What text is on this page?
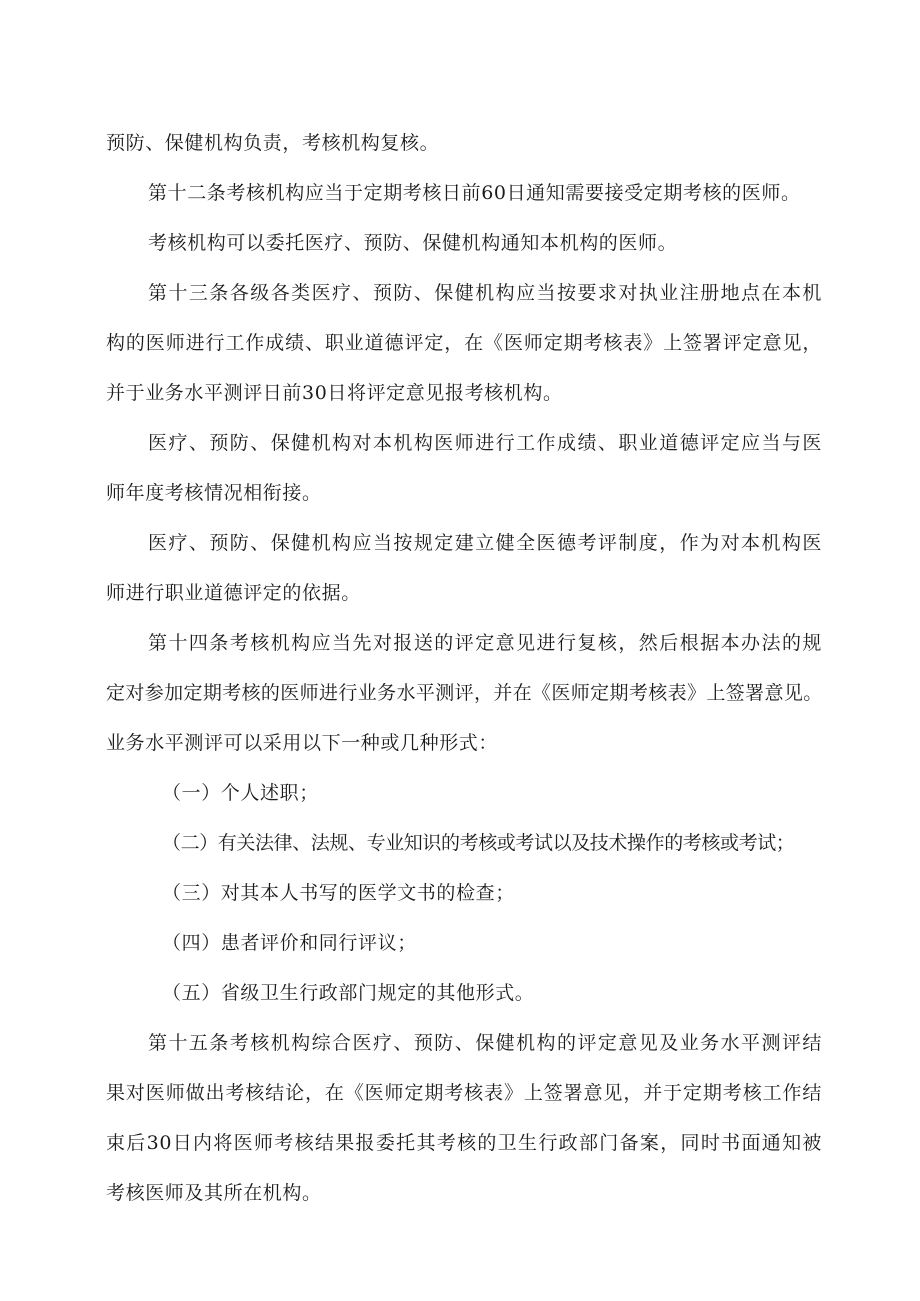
预防、保健机构负责，考核机构复核。
第十二条考核机构应当于定期考核日前60日通知需要接受定期考核的医师。
考核机构可以委托医疗、预防、保健机构通知本机构的医师。
第十三条各级各类医疗、预防、保健机构应当按要求对执业注册地点在本机
构的医师进行工作成绩、职业道德评定，在《医师定期考核表》上签署评定意见，
并于业务水平测评日前30日将评定意见报考核机构。
医疗、预防、保健机构对本机构医师进行工作成绩、职业道德评定应当与医
师年度考核情况相衔接。
医疗、预防、保健机构应当按规定建立健全医德考评制度，作为对本机构医
师进行职业道德评定的依据。
第十四条考核机构应当先对报送的评定意见进行复核，然后根据本办法的规
定对参加定期考核的医师进行业务水平测评，并在《医师定期考核表》上签署意见。
业务水平测评可以采用以下一种或几种形式：
（一）个人述职；
（二）有关法律、法规、专业知识的考核或考试以及技术操作的考核或考试；
（三）对其本人书写的医学文书的检查；
（四）患者评价和同行评议；
（五）省级卫生行政部门规定的其他形式。
第十五条考核机构综合医疗、预防、保健机构的评定意见及业务水平测评结
果对医师做出考核结论，在《医师定期考核表》上签署意见，并于定期考核工作结
束后30日内将医师考核结果报委托其考核的卫生行政部门备案，同时书面通知被
考核医师及其所在机构。
